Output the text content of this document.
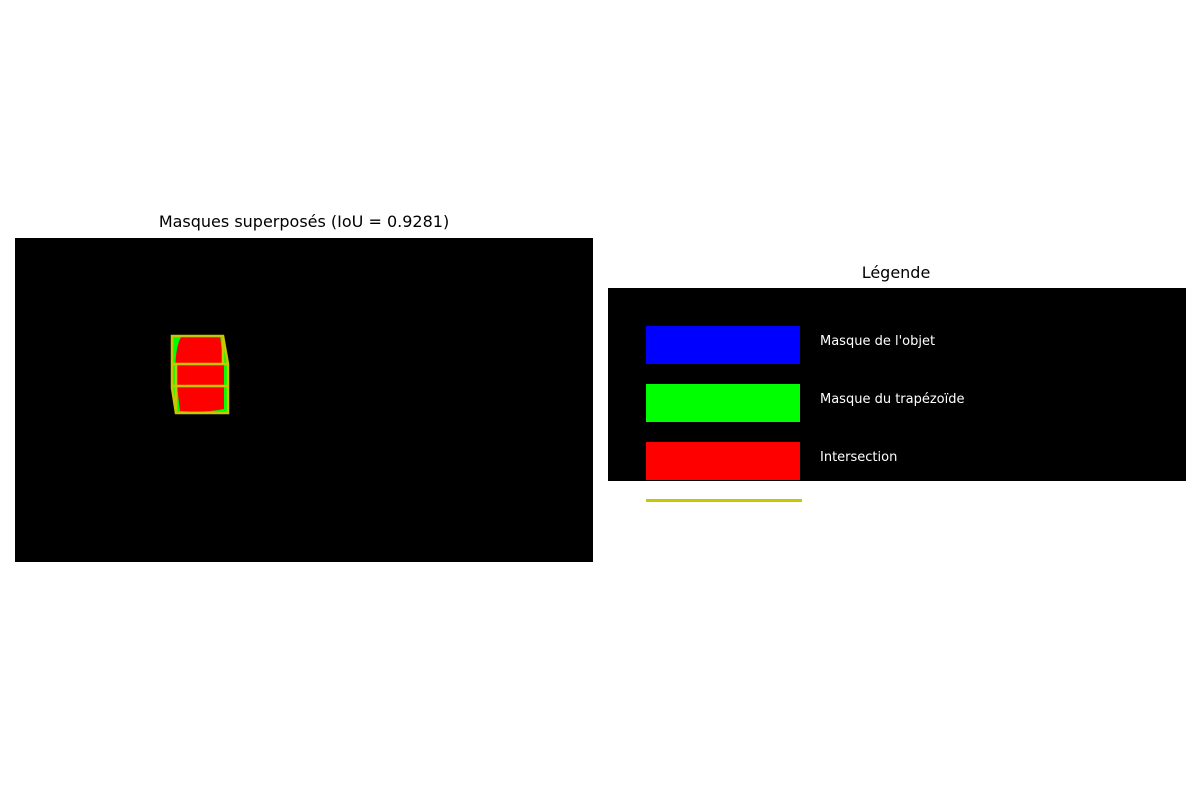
Masques superposés (IoU = 0.9281)
Légende
Masque de l'objet
Masque du trapézoïde
Intersection
